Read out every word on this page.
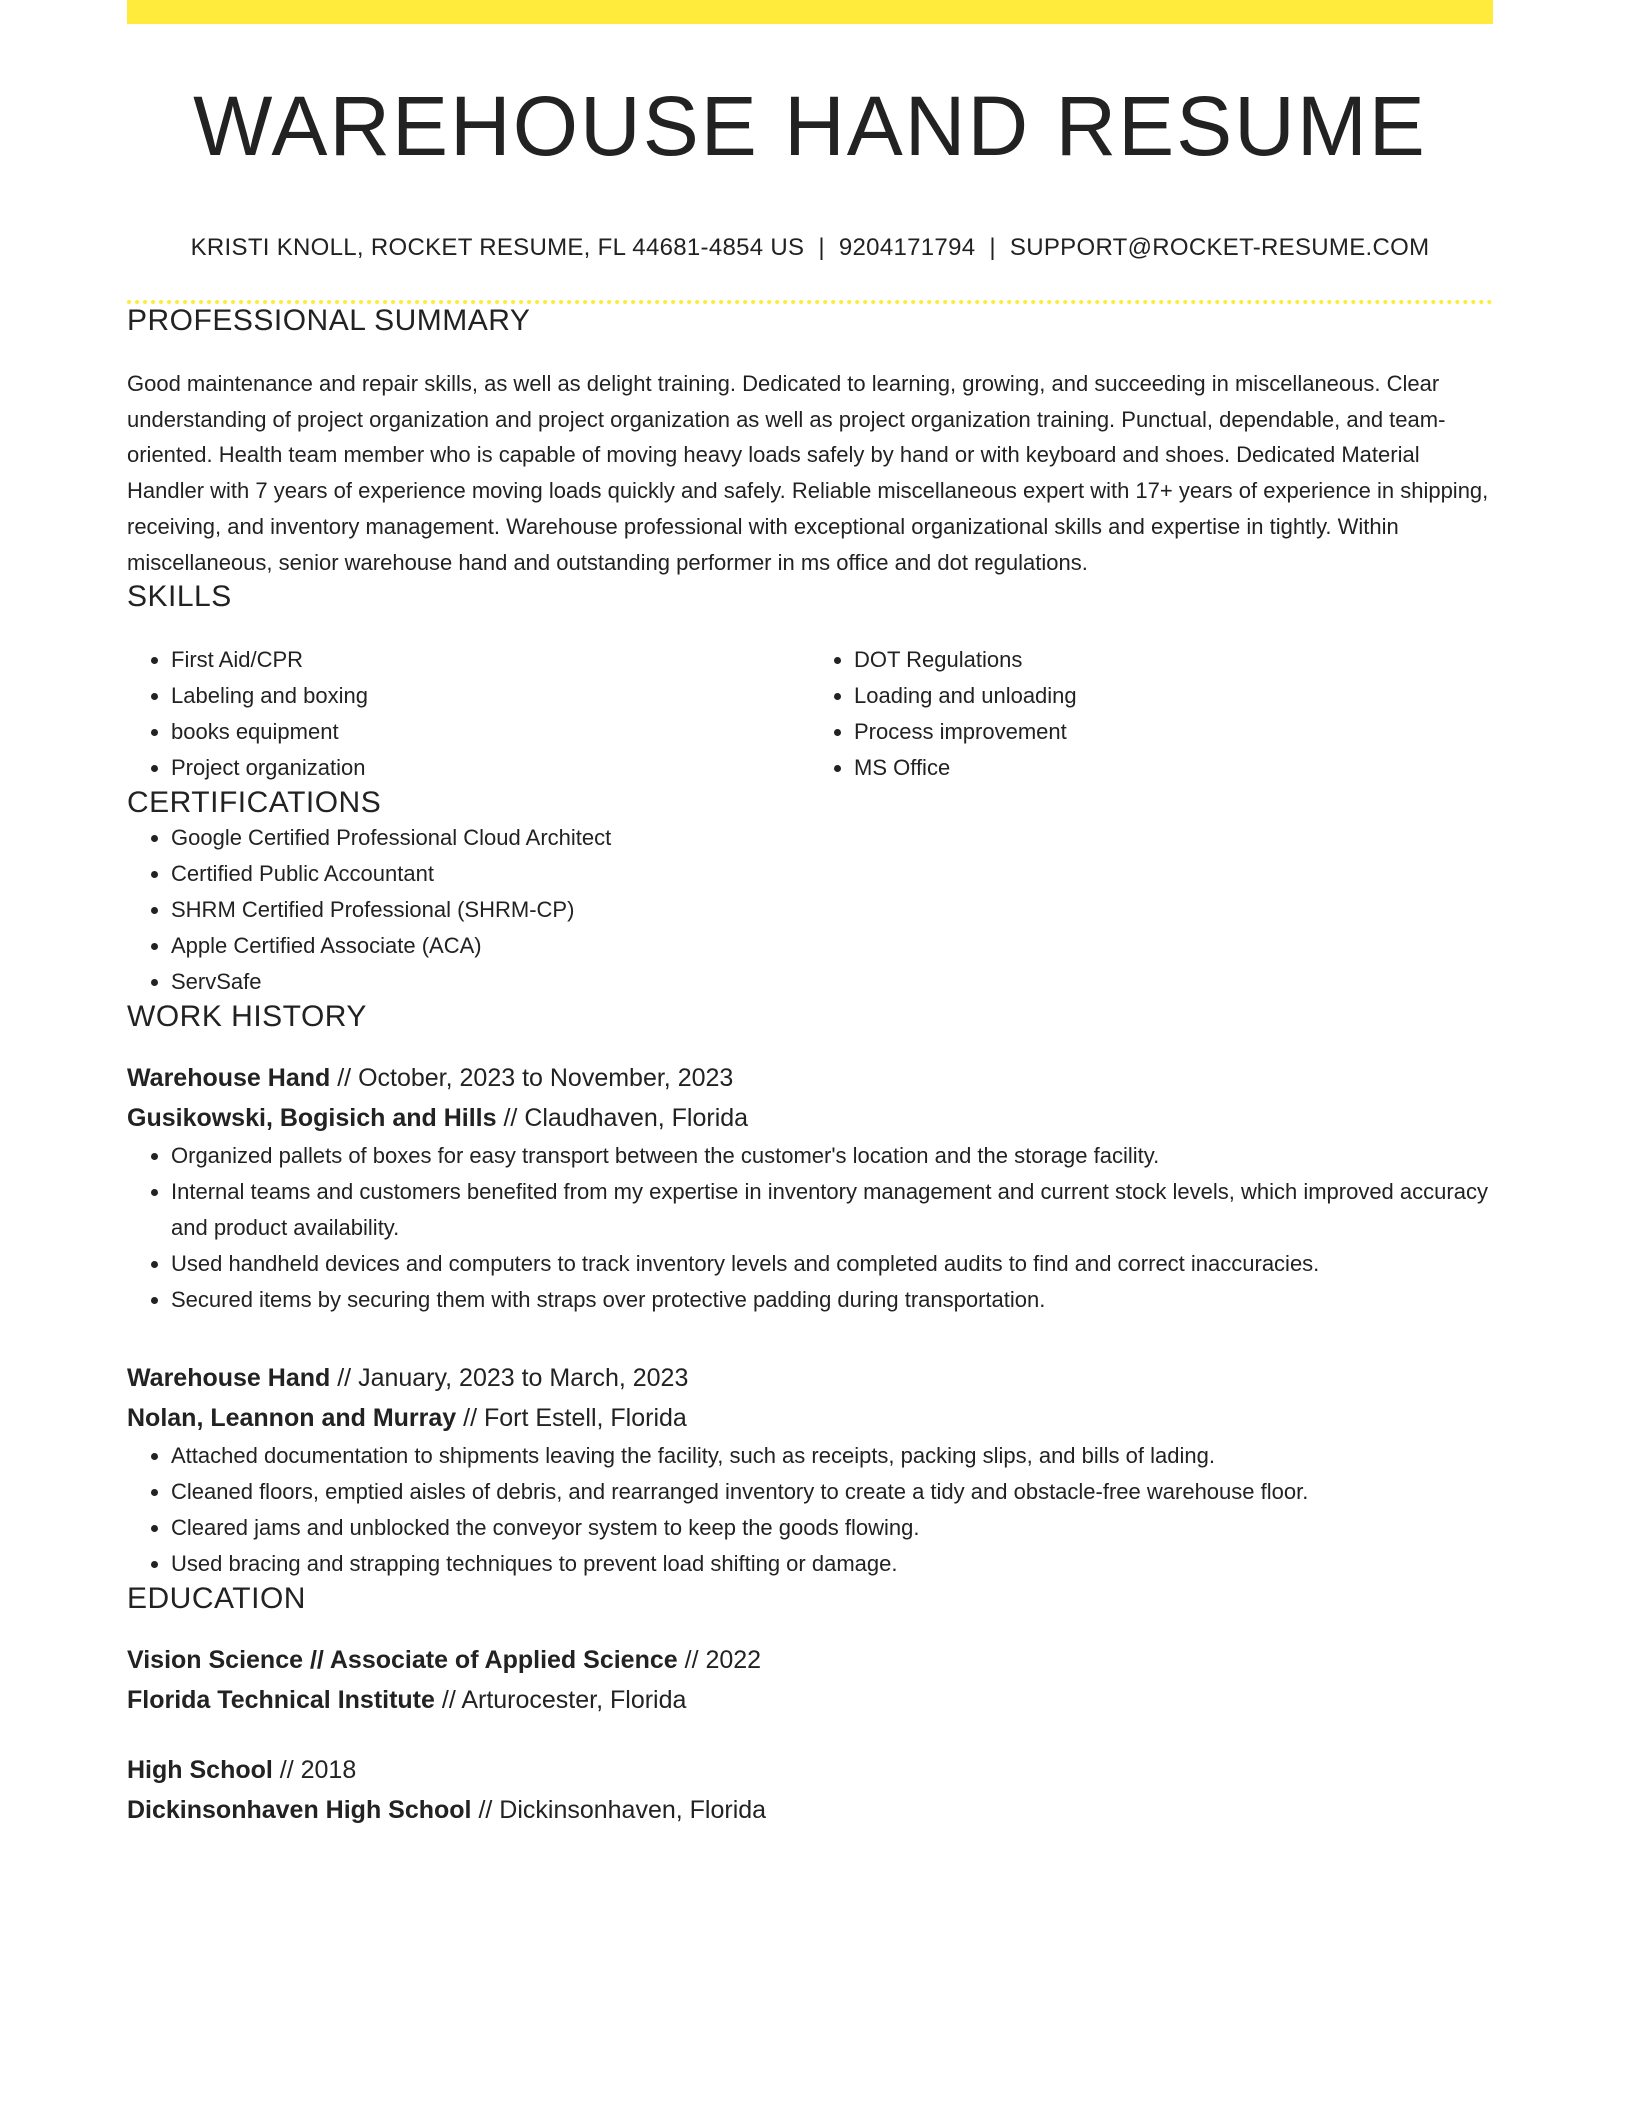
WAREHOUSE HAND RESUME
KRISTI KNOLL, ROCKET RESUME, FL 44681-4854 US | 9204171794 | SUPPORT@ROCKET-RESUME.COM
PROFESSIONAL SUMMARY

Good maintenance and repair skills, as well as delight training. Dedicated to learning, growing, and succeeding in miscellaneous. Clear understanding of project organization and project organization as well as project organization training. Punctual, dependable, and team-oriented. Health team member who is capable of moving heavy loads safely by hand or with keyboard and shoes. Dedicated Material Handler with 7 years of experience moving loads quickly and safely. Reliable miscellaneous expert with 17+ years of experience in shipping, receiving, and inventory management. Warehouse professional with exceptional organizational skills and expertise in tightly. Within miscellaneous, senior warehouse hand and outstanding performer in ms office and dot regulations.

SKILLS
• First Aid/CPR
• Labeling and boxing
• books equipment
• Project organization
• DOT Regulations
• Loading and unloading
• Process improvement
• MS Office
CERTIFICATIONS
• Google Certified Professional Cloud Architect
• Certified Public Accountant
• SHRM Certified Professional (SHRM-CP)
• Apple Certified Associate (ACA)
• ServSafe
WORK HISTORY
Warehouse Hand // October, 2023 to November, 2023
Gusikowski, Bogisich and Hills // Claudhaven, Florida
• Organized pallets of boxes for easy transport between the customer's location and the storage facility.
• Internal teams and customers benefited from my expertise in inventory management and current stock levels, which improved accuracy and product availability.
• Used handheld devices and computers to track inventory levels and completed audits to find and correct inaccuracies.
• Secured items by securing them with straps over protective padding during transportation.
Warehouse Hand // January, 2023 to March, 2023
Nolan, Leannon and Murray // Fort Estell, Florida
• Attached documentation to shipments leaving the facility, such as receipts, packing slips, and bills of lading.
• Cleaned floors, emptied aisles of debris, and rearranged inventory to create a tidy and obstacle-free warehouse floor.
• Cleared jams and unblocked the conveyor system to keep the goods flowing.
• Used bracing and strapping techniques to prevent load shifting or damage.
EDUCATION
Vision Science // Associate of Applied Science // 2022
Florida Technical Institute // Arturocester, Florida
High School // 2018
Dickinsonhaven High School // Dickinsonhaven, Florida
